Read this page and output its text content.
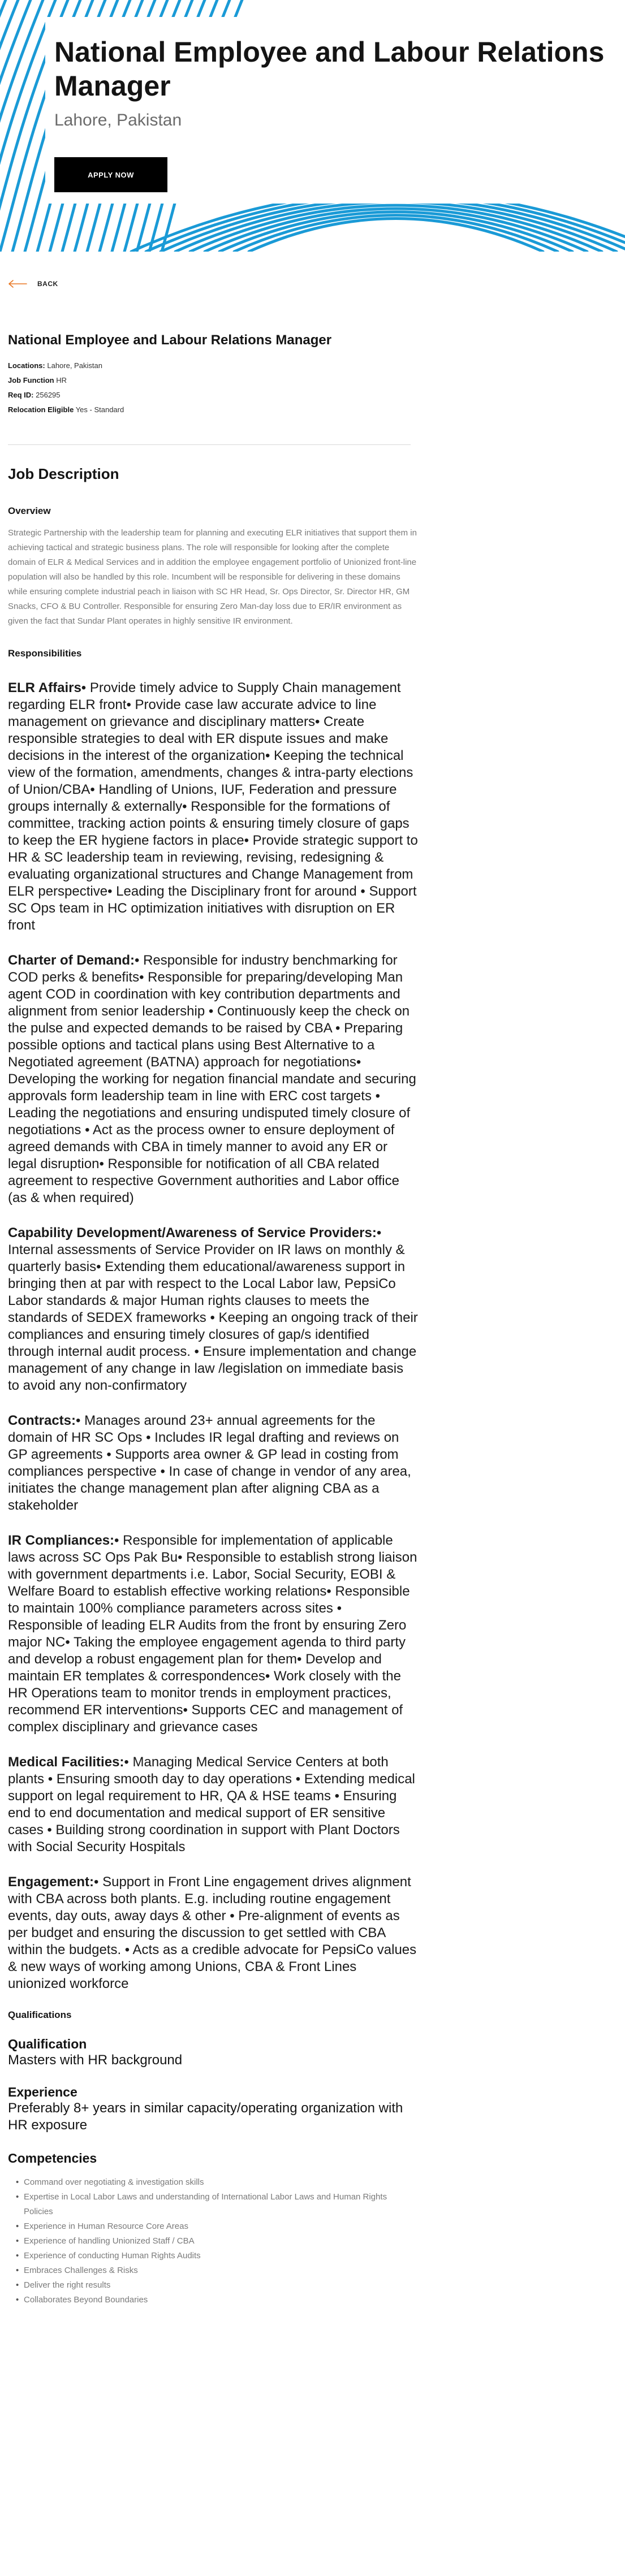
National Employee and Labour Relations Manager
Lahore, Pakistan
APPLY NOW
BACK
National Employee and Labour Relations Manager
Locations: Lahore, Pakistan
Job Function HR
Req ID: 256295
Relocation Eligible Yes - Standard
Job Description
Overview

Strategic Partnership with the leadership team for planning and executing ELR initiatives that support them in achieving tactical and strategic business plans. The role will responsible for looking after the complete domain of ELR & Medical Services and in addition the employee engagement portfolio of Unionized front-line population will also be handled by this role. Incumbent will be responsible for delivering in these domains while ensuring complete industrial peach in liaison with SC HR Head, Sr. Ops Director, Sr. Director HR, GM Snacks, CFO & BU Controller. Responsible for ensuring Zero Man-day loss due to ER/IR environment as given the fact that Sundar Plant operates in highly sensitive IR environment.

Responsibilities
ELR Affairs• Provide timely advice to Supply Chain management regarding ELR front• Provide case law accurate advice to line management on grievance and disciplinary matters• Create responsible strategies to deal with ER dispute issues and make decisions in the interest of the organization• Keeping the technical view of the formation, amendments, changes & intra-party elections of Union/CBA• Handling of Unions, IUF, Federation and pressure groups internally & externally• Responsible for the formations of committee, tracking action points & ensuring timely closure of gaps to keep the ER hygiene factors in place• Provide strategic support to HR & SC leadership team in reviewing, revising, redesigning & evaluating organizational structures and Change Management from ELR perspective• Leading the Disciplinary front for around • Support SC Ops team in HC optimization initiatives with disruption on ER front
Charter of Demand:• Responsible for industry benchmarking for COD perks & benefits• Responsible for preparing/developing Man agent COD in coordination with key contribution departments and alignment from senior leadership • Continuously keep the check on the pulse and expected demands to be raised by CBA • Preparing possible options and tactical plans using Best Alternative to a Negotiated agreement (BATNA) approach for negotiations• Developing the working for negation financial mandate and securing approvals form leadership team in line with ERC cost targets • Leading the negotiations and ensuring undisputed timely closure of negotiations • Act as the process owner to ensure deployment of agreed demands with CBA in timely manner to avoid any ER or legal disruption• Responsible for notification of all CBA related agreement to respective Government authorities and Labor office (as & when required)
Capability Development/Awareness of Service Providers:• Internal assessments of Service Provider on IR laws on monthly & quarterly basis• Extending them educational/awareness support in bringing then at par with respect to the Local Labor law, PepsiCo Labor standards & major Human rights clauses to meets the standards of SEDEX frameworks • Keeping an ongoing track of their compliances and ensuring timely closures of gap/s identified through internal audit process. • Ensure implementation and change management of any change in law /legislation on immediate basis to avoid any non-confirmatory
Contracts:• Manages around 23+ annual agreements for the domain of HR SC Ops • Includes IR legal drafting and reviews on GP agreements • Supports area owner & GP lead in costing from compliances perspective • In case of change in vendor of any area, initiates the change management plan after aligning CBA as a stakeholder
IR Compliances:• Responsible for implementation of applicable laws across SC Ops Pak Bu• Responsible to establish strong liaison with government departments i.e. Labor, Social Security, EOBI & Welfare Board to establish effective working relations• Responsible to maintain 100% compliance parameters across sites • Responsible of leading ELR Audits from the front by ensuring Zero major NC• Taking the employee engagement agenda to third party and develop a robust engagement plan for them• Develop and maintain ER templates & correspondences• Work closely with the HR Operations team to monitor trends in employment practices, recommend ER interventions• Supports CEC and management of complex disciplinary and grievance cases
Medical Facilities:• Managing Medical Service Centers at both plants • Ensuring smooth day to day operations • Extending medical support on legal requirement to HR, QA & HSE teams • Ensuring end to end documentation and medical support of ER sensitive cases • Building strong coordination in support with Plant Doctors with Social Security Hospitals
Engagement:• Support in Front Line engagement drives alignment with CBA across both plants. E.g. including routine engagement events, day outs, away days & other • Pre-alignment of events as per budget and ensuring the discussion to get settled with CBA within the budgets. • Acts as a credible advocate for PepsiCo values & new ways of working among Unions, CBA & Front Lines unionized workforce
Qualifications
Qualification

Masters with HR background

Experience

Preferably 8+ years in similar capacity/operating organization with HR exposure

Competencies
• Command over negotiating & investigation skills
• Expertise in Local Labor Laws and understanding of International Labor Laws and Human Rights Policies
• Experience in Human Resource Core Areas
• Experience of handling Unionized Staff / CBA
• Experience of conducting Human Rights Audits
• Embraces Challenges & Risks
• Deliver the right results
• Collaborates Beyond Boundaries
